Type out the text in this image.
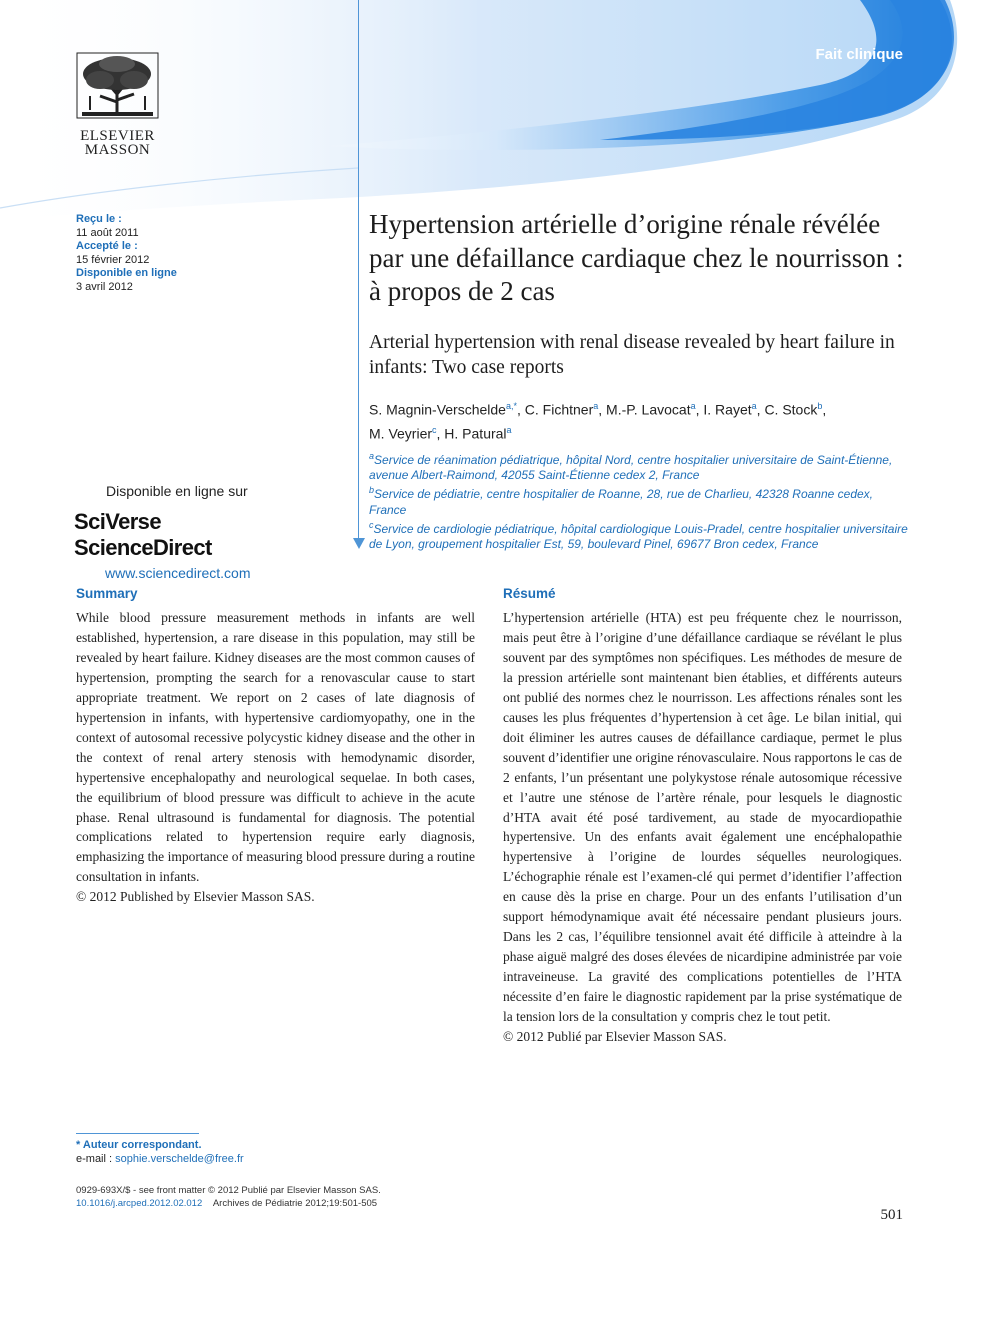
Fait clinique
ELSEVIER
MASSON
Reçu le :
11 août 2011
Accepté le :
15 février 2012
Disponible en ligne
3 avril 2012
Disponible en ligne sur
SciVerse ScienceDirect
www.sciencedirect.com
Hypertension artérielle d’origine rénale révélée par une défaillance cardiaque chez le nourrisson : à propos de 2 cas
Arterial hypertension with renal disease revealed by heart failure in infants: Two case reports
S. Magnin-Verschelde$^{a,*}$, C. Fichtner$^a$, M.-P. Lavocat$^a$, I. Rayet$^a$, C. Stock$^b$,
M. Veyrier$^c$, H. Patural$^a$
$^a$Service de réanimation pédiatrique, hôpital Nord, centre hospitalier universitaire de Saint-Étienne, avenue Albert-Raimond, 42055 Saint-Étienne cedex 2, France
$^b$Service de pédiatrie, centre hospitalier de Roanne, 28, rue de Charlieu, 42328 Roanne cedex, France
$^c$Service de cardiologie pédiatrique, hôpital cardiologique Louis-Pradel, centre hospitalier universitaire de Lyon, groupement hospitalier Est, 59, boulevard Pinel, 69677 Bron cedex, France
Summary

While blood pressure measurement methods in infants are well established, hypertension, a rare disease in this population, may still be revealed by heart failure. Kidney diseases are the most common causes of hypertension, prompting the search for a renovascular cause to start appropriate treatment. We report on 2 cases of late diagnosis of hypertension in infants, with hypertensive cardiomyopathy, one in the context of autosomal recessive polycystic kidney disease and the other in the context of renal artery stenosis with hemodynamic disorder, hypertensive encephalopathy and neurological sequelae. In both cases, the equilibrium of blood pressure was difficult to achieve in the acute phase. Renal ultrasound is fundamental for diagnosis. The potential complications related to hypertension require early diagnosis, emphasizing the importance of measuring blood pressure during a routine consultation in infants.
© 2012 Published by Elsevier Masson SAS.

Résumé

L’hypertension artérielle (HTA) est peu fréquente chez le nourrisson, mais peut être à l’origine d’une défaillance cardiaque se révélant le plus souvent par des symptômes non spécifiques. Les méthodes de mesure de la pression artérielle sont maintenant bien établies, et différents auteurs ont publié des normes chez le nourrisson. Les affections rénales sont les causes les plus fréquentes d’hypertension à cet âge. Le bilan initial, qui doit éliminer les autres causes de défaillance cardiaque, permet le plus souvent d’identifier une origine rénovasculaire. Nous rapportons le cas de 2 enfants, l’un présentant une polykystose rénale autosomique récessive et l’autre une sténose de l’artère rénale, pour lesquels le diagnostic d’HTA avait été posé tardivement, au stade de myocardiopathie hypertensive. Un des enfants avait également une encéphalopathie hypertensive à l’origine de lourdes séquelles neurologiques. L’échographie rénale est l’examen-clé qui permet d’identifier l’affection en cause dès la prise en charge. Pour un des enfants l’utilisation d’un support hémodynamique avait été nécessaire pendant plusieurs jours. Dans les 2 cas, l’équilibre tensionnel avait été difficile à atteindre à la phase aiguë malgré des doses élevées de nicardipine administrée par voie intraveineuse. La gravité des complications potentielles de l’HTA nécessite d’en faire le diagnostic rapidement par la prise systématique de la tension lors de la consultation y compris chez le tout petit.
© 2012 Publié par Elsevier Masson SAS.

* Auteur correspondant.
e-mail : sophie.verschelde@free.fr
0929-693X/$ - see front matter © 2012 Publié par Elsevier Masson SAS.
10.1016/j.arcped.2012.02.012 Archives de Pédiatrie 2012;19:501-505
501
